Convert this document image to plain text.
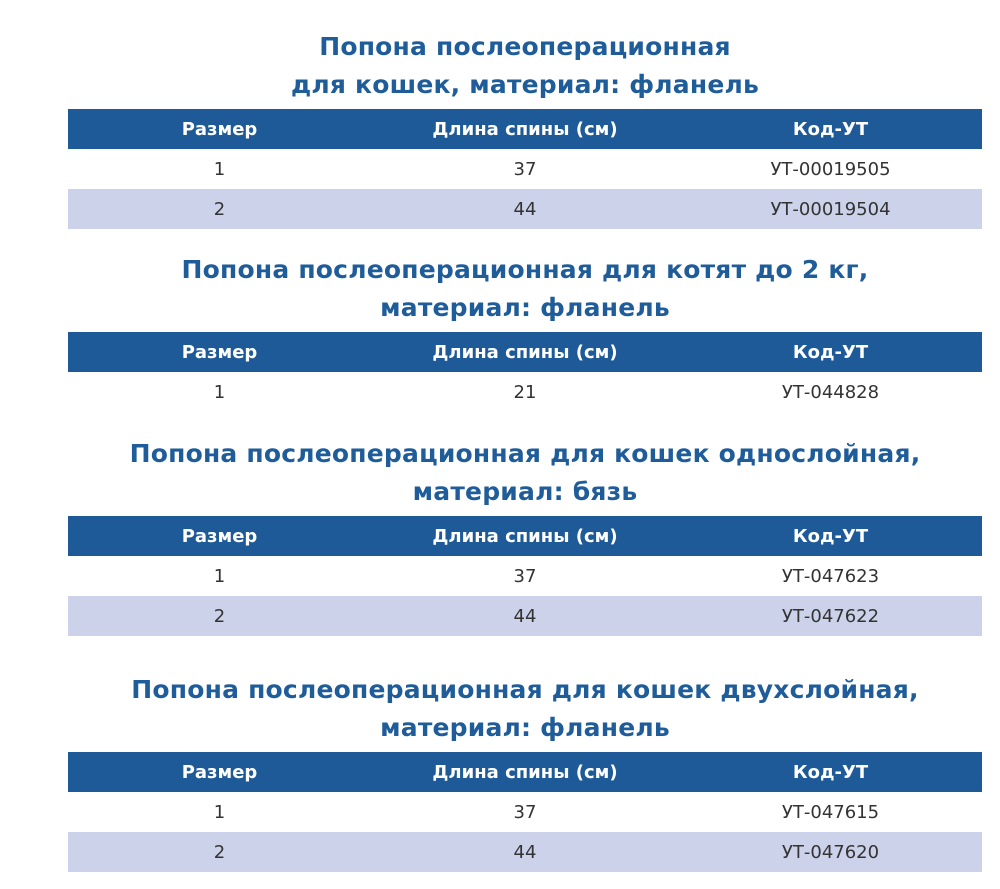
Попона послеоперационная
для кошек, материал: фланель
Размер	Длина спины (см)	Код-УТ
1	37	УТ-00019505
2	44	УТ-00019504
Попона послеоперационная для котят до 2 кг,
материал: фланель
Размер	Длина спины (см)	Код-УТ
1	21	УТ-044828
Попона послеоперационная для кошек однослойная,
материал: бязь
Размер	Длина спины (см)	Код-УТ
1	37	УТ-047623
2	44	УТ-047622
Попона послеоперационная для кошек двухслойная,
материал: фланель
Размер	Длина спины (см)	Код-УТ
1	37	УТ-047615
2	44	УТ-047620
